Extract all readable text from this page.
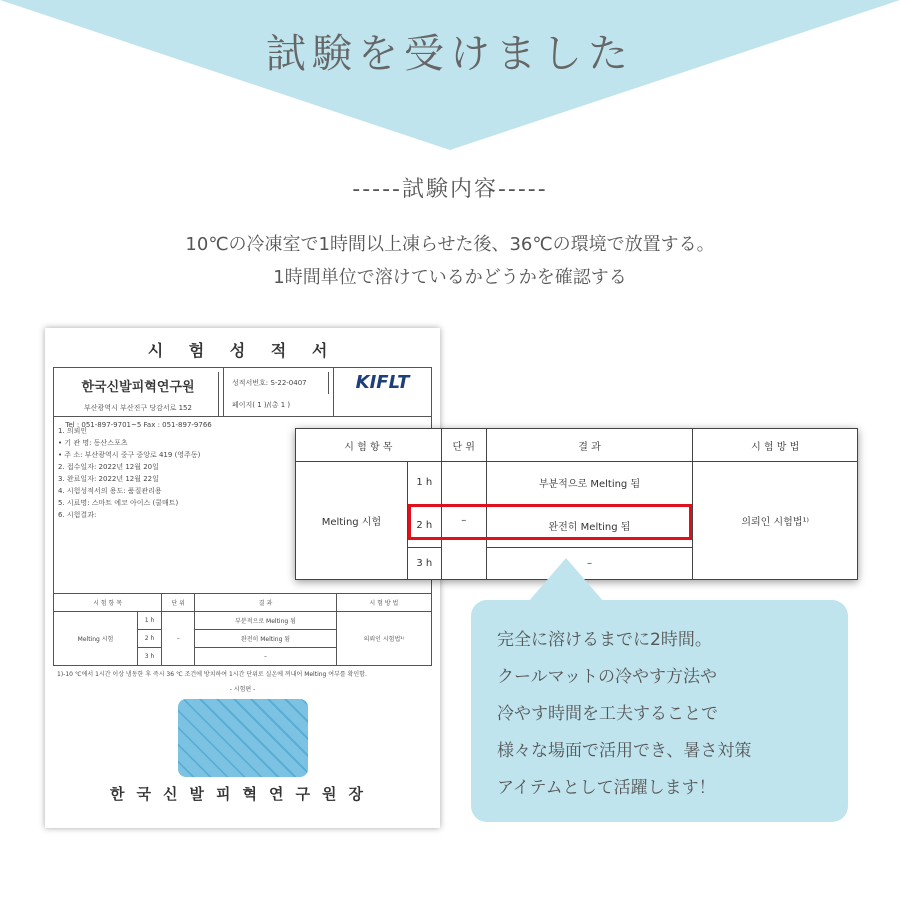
試験を受けました
-----試験内容-----
10℃の冷凍室で1時間以上凍らせた後、36℃の環境で放置する。
1時間単位で溶けているかどうかを確認する
시 험 성 적 서
한국신발피혁연구원
부산광역시 부산진구 당감서로 152
Tel : 051-897-9701~5 Fax : 051-897-9766
성적서번호: S-22-0407
페이지( 1 )/(총 1 )
KIFLT
1. 의뢰인
• 기 관 명: 동산스포츠
• 주 소: 부산광역시 중구 중앙로 419 (영주동)
2. 접수일자: 2022년 12월 20일
3. 완료일자: 2022년 12월 22일
4. 시험성적서의 용도: 품질관리용
5. 시료명: 스마트 에코 아이스 (쿨매트)
6. 시험결과:
시 험 항 목		단 위	결 과	시 험 방 법
Melting 시험	1 h	–	부분적으로 Melting 됨	의뢰인 시험법¹⁾
	2 h		완전히 Melting 됨	
	3 h		–	
1)-10 ℃에서 1시간 이상 냉동한 후 즉시 36 ℃ 조건에 방치하여 1시간 단위로 실온에 꺼내어 Melting 여부를 확인함.
- 시험편 -
한국신발피혁연구원장
시 험 항 목		단 위	결 과	시 험 방 법
Melting 시험	1 h	–	부분적으로 Melting 됨	의뢰인 시험법¹⁾
	2 h		완전히 Melting 됨	
	3 h		–	
完全に溶けるまでに2時間。
クールマットの冷やす方法や
冷やす時間を工夫することで
様々な場面で活用でき、暑さ対策
アイテムとして活躍します！
